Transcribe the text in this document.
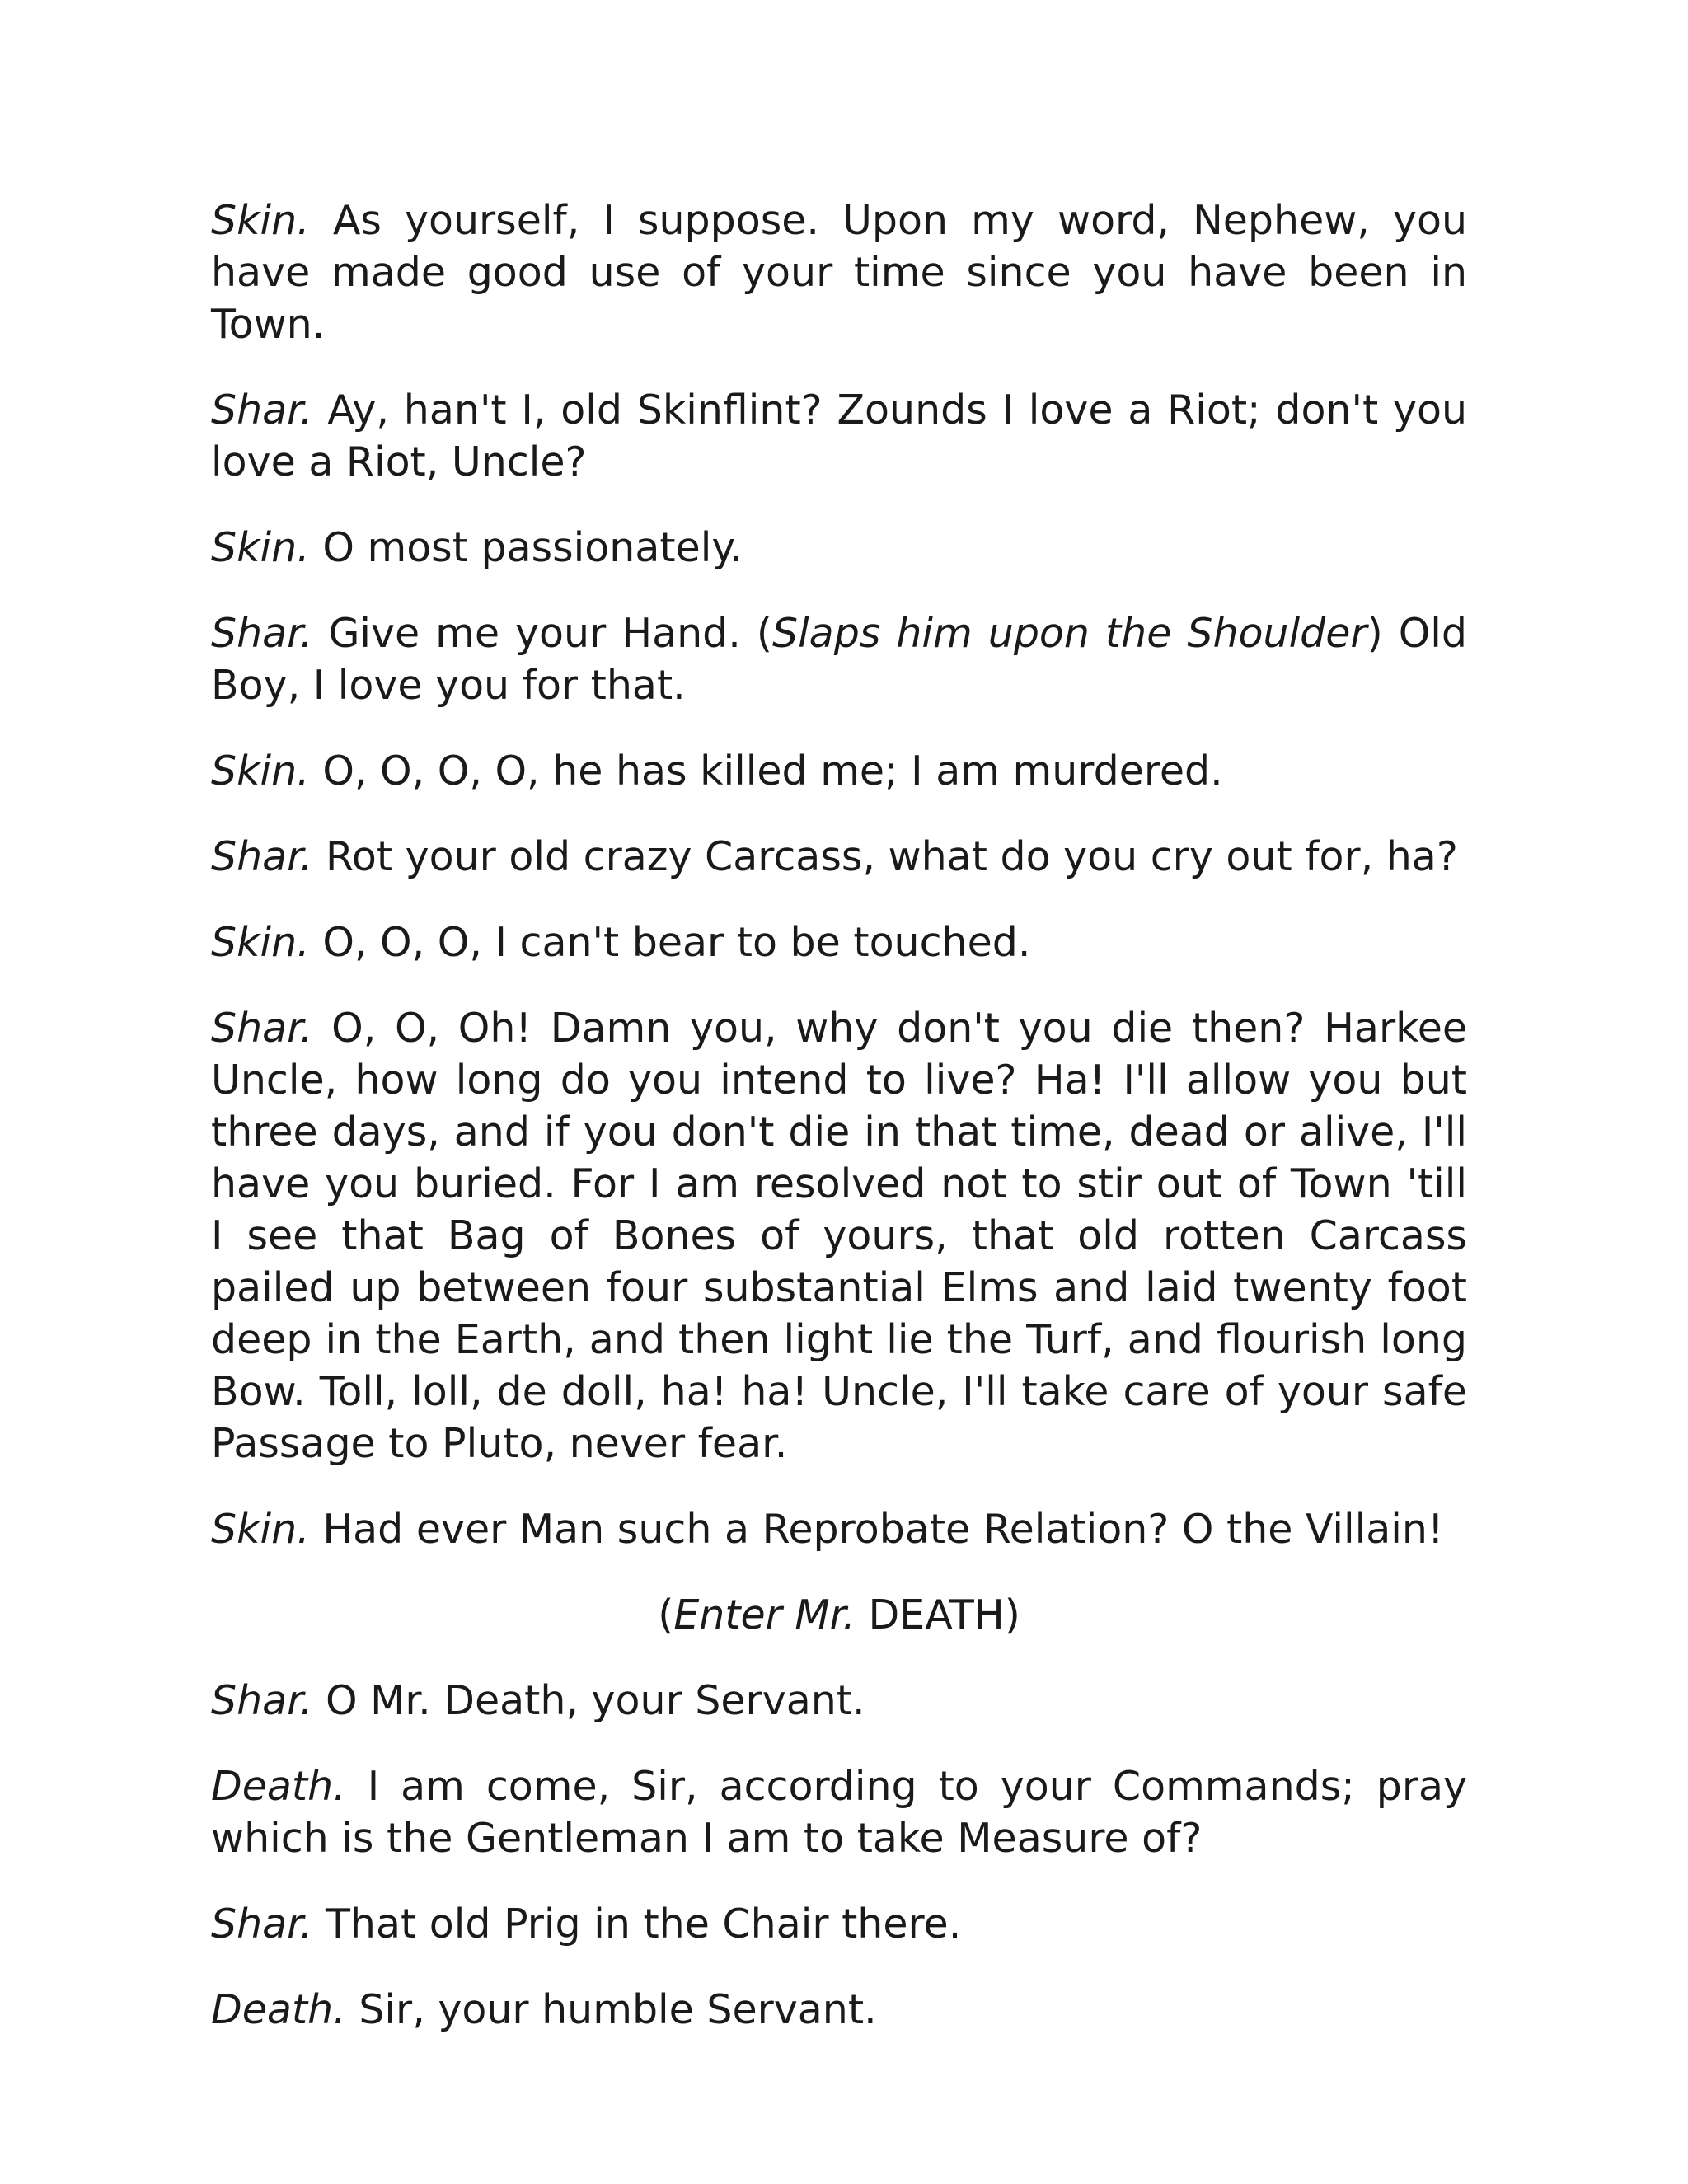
Skin. As yourself, I suppose. Upon my word, Nephew, you have made good use of your time since you have been in Town.

Shar. Ay, han't I, old Skinflint? Zounds I love a Riot; don't you love a Riot, Uncle?

Skin. O most passionately.

Shar. Give me your Hand. (Slaps him upon the Shoulder) Old Boy, I love you for that.

Skin. O, O, O, O, he has killed me; I am murdered.

Shar. Rot your old crazy Carcass, what do you cry out for, ha?

Skin. O, O, O, I can't bear to be touched.

Shar. O, O, Oh! Damn you, why don't you die then? Harkee Uncle, how long do you intend to live? Ha! I'll allow you but three days, and if you don't die in that time, dead or alive, I'll have you buried. For I am resolved not to stir out of Town 'till I see that Bag of Bones of yours, that old rotten Carcass pailed up between four substantial Elms and laid twenty foot deep in the Earth, and then light lie the Turf, and flourish long Bow. Toll, loll, de doll, ha! ha! Uncle, I'll take care of your safe Passage to Pluto, never fear.

Skin. Had ever Man such a Reprobate Relation? O the Villain!

(Enter Mr. DEATH)

Shar. O Mr. Death, your Servant.

Death. I am come, Sir, according to your Commands; pray which is the Gentleman I am to take Measure of?

Shar. That old Prig in the Chair there.

Death. Sir, your humble Servant.
